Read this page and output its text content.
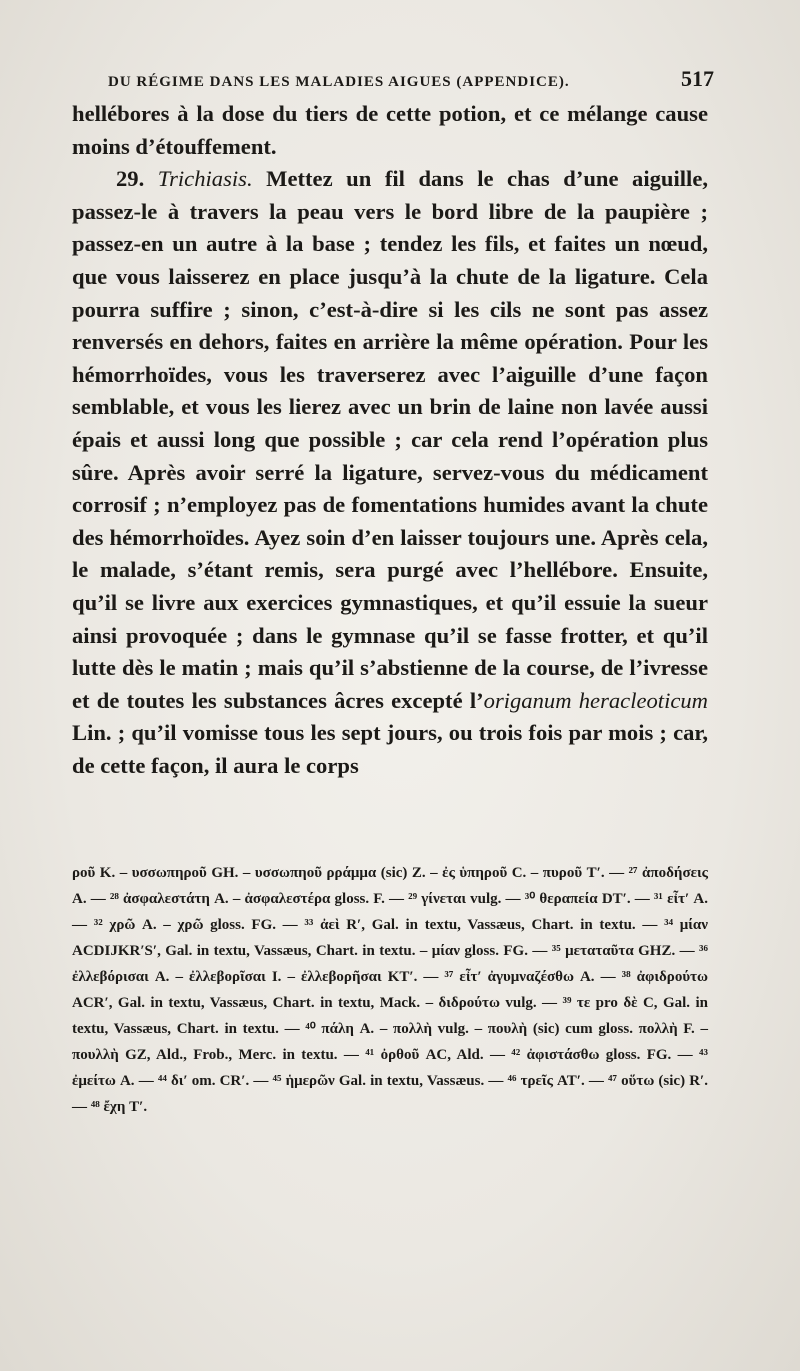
DU RÉGIME DANS LES MALADIES AIGUES (APPENDICE).	517

hellébores à la dose du tiers de cette potion, et ce mélange cause moins d’étouffement.

29. Trichiasis. Mettez un fil dans le chas d’une aiguille, passez-le à travers la peau vers le bord libre de la paupière ; passez-en un autre à la base ; tendez les fils, et faites un nœud, que vous laisserez en place jusqu’à la chute de la ligature. Cela pourra suffire ; sinon, c’est-à-dire si les cils ne sont pas assez renversés en dehors, faites en arrière la même opération. Pour les hémorrhoïdes, vous les traverserez avec l’aiguille d’une façon semblable, et vous les lierez avec un brin de laine non lavée aussi épais et aussi long que possible ; car cela rend l’opération plus sûre. Après avoir serré la ligature, servez-vous du médicament corrosif ; n’employez pas de fomentations humides avant la chute des hémorrhoïdes. Ayez soin d’en laisser toujours une. Après cela, le malade, s’étant remis, sera purgé avec l’hellébore. Ensuite, qu’il se livre aux exercices gymnastiques, et qu’il essuie la sueur ainsi provoquée ; dans le gymnase qu’il se fasse frotter, et qu’il lutte dès le matin ; mais qu’il s’abstienne de la course, de l’ivresse et de toutes les substances âcres excepté l’origanum heracleoticum Lin. ; qu’il vomisse tous les sept jours, ou trois fois par mois ; car, de cette façon, il aura le corps

ροῦ K. – υσσωπηροῦ GH. – υσσωπηοῦ ρράμμα (sic) Z. – ἐς ὑπηροῦ C. – πυροῦ T′. — ²⁷ ἀποδήσεις A. — ²⁸ ἀσφαλεστάτη A. – ἀσφαλεστέρα gloss. F. — ²⁹ γίνεται vulg. — ³⁰ θεραπεία DT′. — ³¹ εἶτ′ A. — ³² χρῶ A. – χρῶ gloss. FG. — ³³ ἀεὶ R′, Gal. in textu, Vassæus, Chart. in textu. — ³⁴ μίαν ACDIJKR′S′, Gal. in textu, Vassæus, Chart. in textu. – μίαν gloss. FG. — ³⁵ μεταταῦτα GHZ. — ³⁶ ἐλλεβόρισαι A. – ἐλλεβορῖσαι I. – ἐλλεβορῆσαι KT′. — ³⁷ εἶτ′ ἀγυμναζέσθω A. — ³⁸ ἀφιδρούτω ACR′, Gal. in textu, Vassæus, Chart. in textu, Mack. – διδρούτω vulg. — ³⁹ τε pro δὲ C, Gal. in textu, Vassæus, Chart. in textu. — ⁴⁰ πάλη A. – πολλὴ vulg. – πουλὴ (sic) cum gloss. πολλὴ F. – πουλλὴ GZ, Ald., Frob., Merc. in textu. — ⁴¹ ὀρθοῦ AC, Ald. — ⁴² ἀφιστάσθω gloss. FG. — ⁴³ ἐμείτω A. — ⁴⁴ δι′ om. CR′. — ⁴⁵ ἡμερῶν Gal. in textu, Vassæus. — ⁴⁶ τρεῖς AT′. — ⁴⁷ οὕτω (sic) R′. — ⁴⁸ ἔχη T′.
